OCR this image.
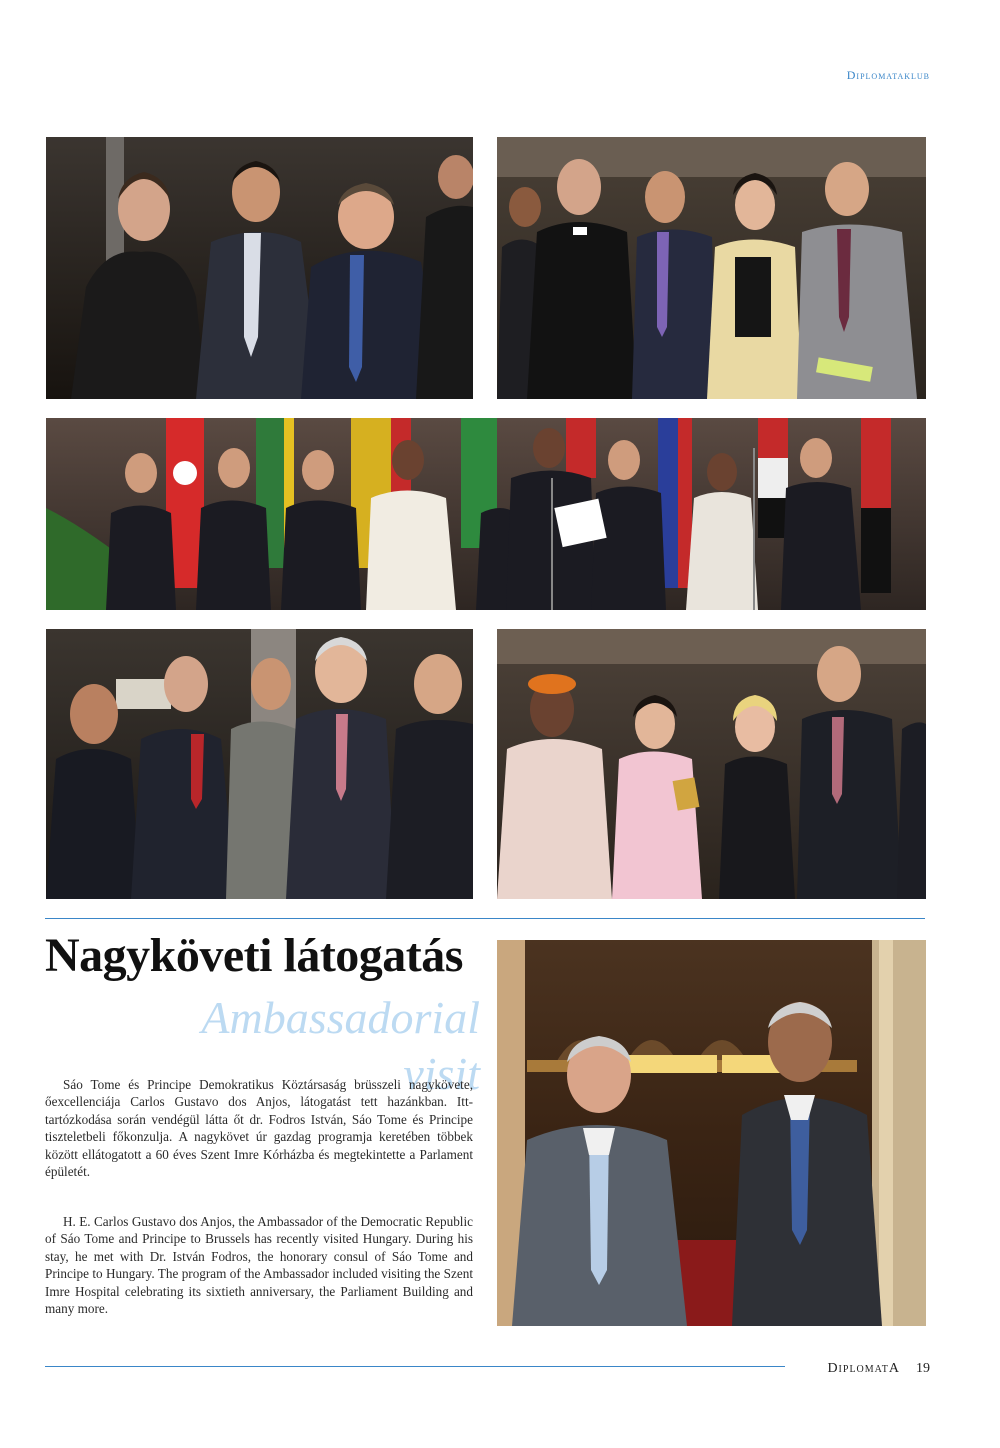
Diplomataklub
Nagyköveti látogatás
Ambassadorial visit
Sáo Tome és Principe Demokratikus Köztársaság brüsszeli nagykövete, őexcellenciája Carlos Gustavo dos Anjos, látogatást tett hazánkban. Itt-tartózkodása során vendégül látta őt dr. Fodros István, Sáo Tome és Principe tiszteletbeli főkonzulja. A nagykövet úr gazdag programja keretében többek között ellátogatott a 60 éves Szent Imre Kórházba és megtekintette a Parlament épületét.
H. E. Carlos Gustavo dos Anjos, the Ambassador of the Democratic Republic of Sáo Tome and Principe to Brussels has recently visited Hungary. During his stay, he met with Dr. István Fodros, the honorary consul of Sáo Tome and Principe to Hungary. The program of the Ambassador included visiting the Szent Imre Hospital celebrating its sixtieth anniversary, the Parliament Building and many more.
DiplomatA	19
